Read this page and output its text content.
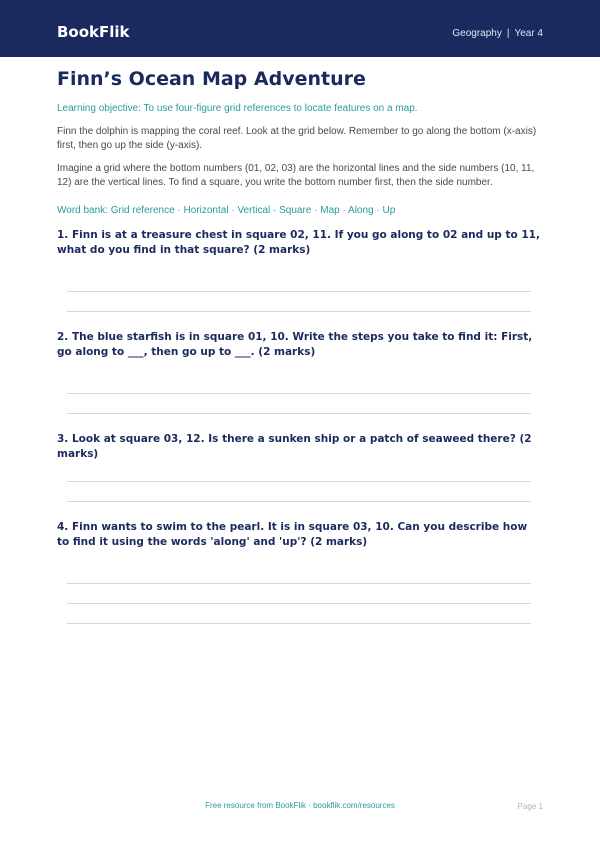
BookFlik	Geography | Year 4
Finn’s Ocean Map Adventure
Learning objective: To use four-figure grid references to locate features on a map.
Finn the dolphin is mapping the coral reef. Look at the grid below. Remember to go along the bottom (x-axis) first, then go up the side (y-axis).
Imagine a grid where the bottom numbers (01, 02, 03) are the horizontal lines and the side numbers (10, 11, 12) are the vertical lines. To find a square, you write the bottom number first, then the side number.
Word bank: Grid reference · Horizontal · Vertical · Square · Map · Along · Up
1. Finn is at a treasure chest in square 02, 11. If you go along to 02 and up to 11, what do you find in that square? (2 marks)
2. The blue starfish is in square 01, 10. Write the steps you take to find it: First, go along to ___, then go up to ___. (2 marks)
3. Look at square 03, 12. Is there a sunken ship or a patch of seaweed there? (2 marks)
4. Finn wants to swim to the pearl. It is in square 03, 10. Can you describe how to find it using the words 'along' and 'up'? (2 marks)
Free resource from BookFlik · bookflik.com/resources	Page 1
